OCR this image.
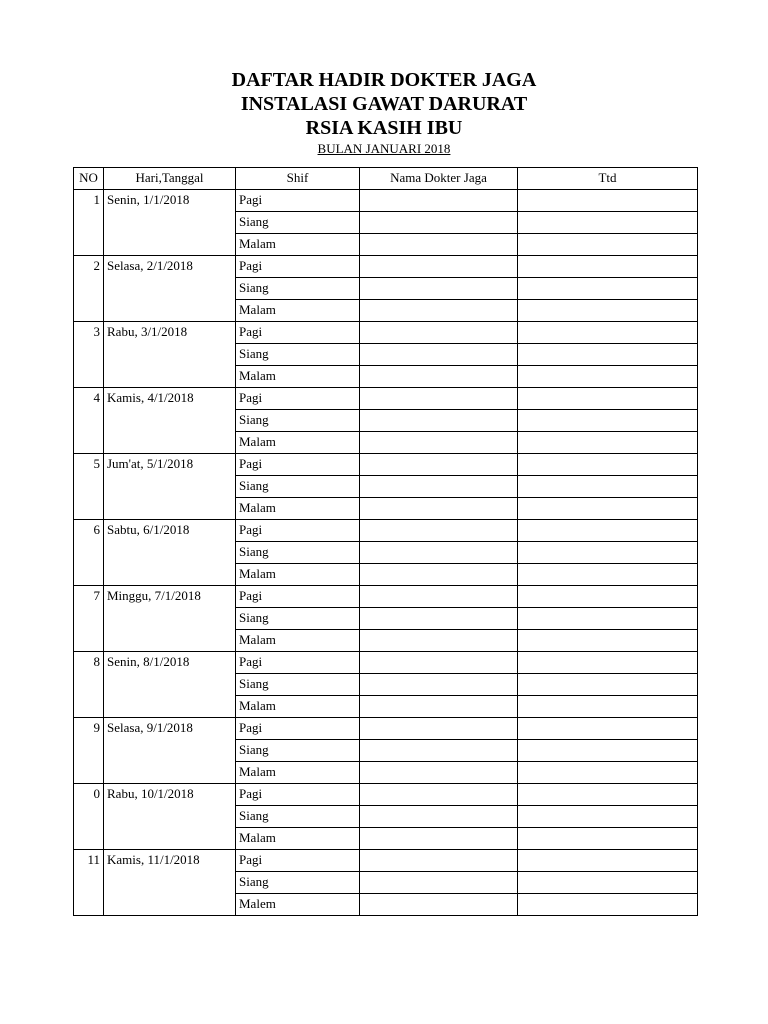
DAFTAR HADIR DOKTER JAGA
INSTALASI GAWAT DARURAT
RSIA KASIH IBU
BULAN JANUARI 2018
NO	Hari,Tanggal	Shif	Nama Dokter Jaga	Ttd
1	Senin, 1/1/2018	Pagi		
		Siang		
		Malam		
2	Selasa, 2/1/2018	Pagi		
		Siang		
		Malam		
3	Rabu, 3/1/2018	Pagi		
		Siang		
		Malam		
4	Kamis, 4/1/2018	Pagi		
		Siang		
		Malam		
5	Jum'at, 5/1/2018	Pagi		
		Siang		
		Malam		
6	Sabtu, 6/1/2018	Pagi		
		Siang		
		Malam		
7	Minggu, 7/1/2018	Pagi		
		Siang		
		Malam		
8	Senin, 8/1/2018	Pagi		
		Siang		
		Malam		
9	Selasa, 9/1/2018	Pagi		
		Siang		
		Malam		
0	Rabu, 10/1/2018	Pagi		
		Siang		
		Malam		
11	Kamis, 11/1/2018	Pagi		
		Siang		
		Malem		
